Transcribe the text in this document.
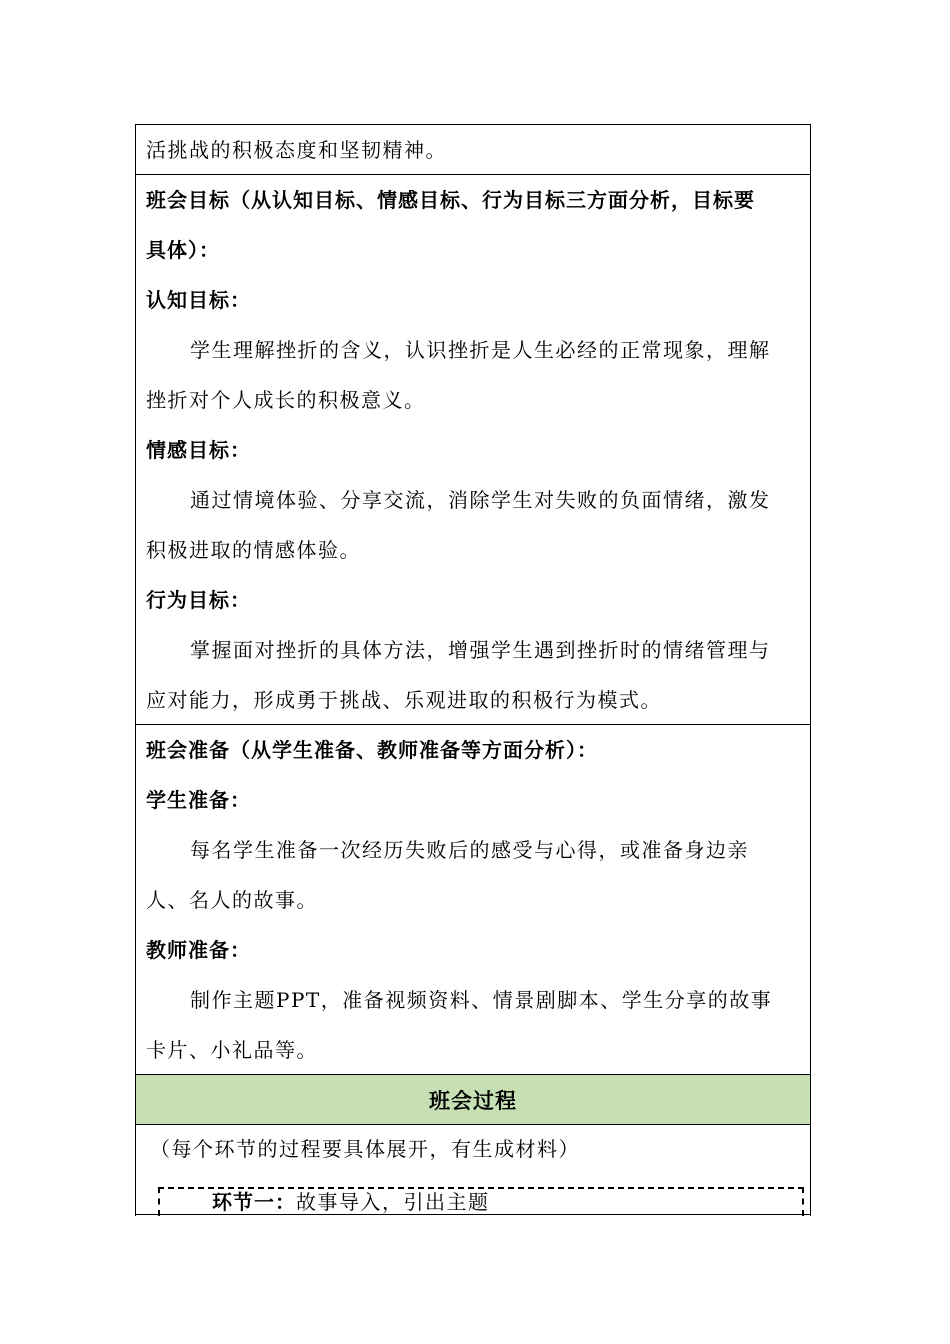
活挑战的积极态度和坚韧精神。
班会目标（从认知目标、情感目标、行为目标三方面分析，目标要
具体）：
认知目标：
学生理解挫折的含义，认识挫折是人生必经的正常现象，理解
挫折对个人成长的积极意义。
情感目标：
通过情境体验、分享交流，消除学生对失败的负面情绪，激发
积极进取的情感体验。
行为目标：
掌握面对挫折的具体方法，增强学生遇到挫折时的情绪管理与
应对能力，形成勇于挑战、乐观进取的积极行为模式。
班会准备（从学生准备、教师准备等方面分析）：
学生准备：
每名学生准备一次经历失败后的感受与心得，或准备身边亲
人、名人的故事。
教师准备：
制作主题PPT，准备视频资料、情景剧脚本、学生分享的故事
卡片、小礼品等。
班会过程
（每个环节的过程要具体展开，有生成材料）
环节一：故事导入，引出主题
